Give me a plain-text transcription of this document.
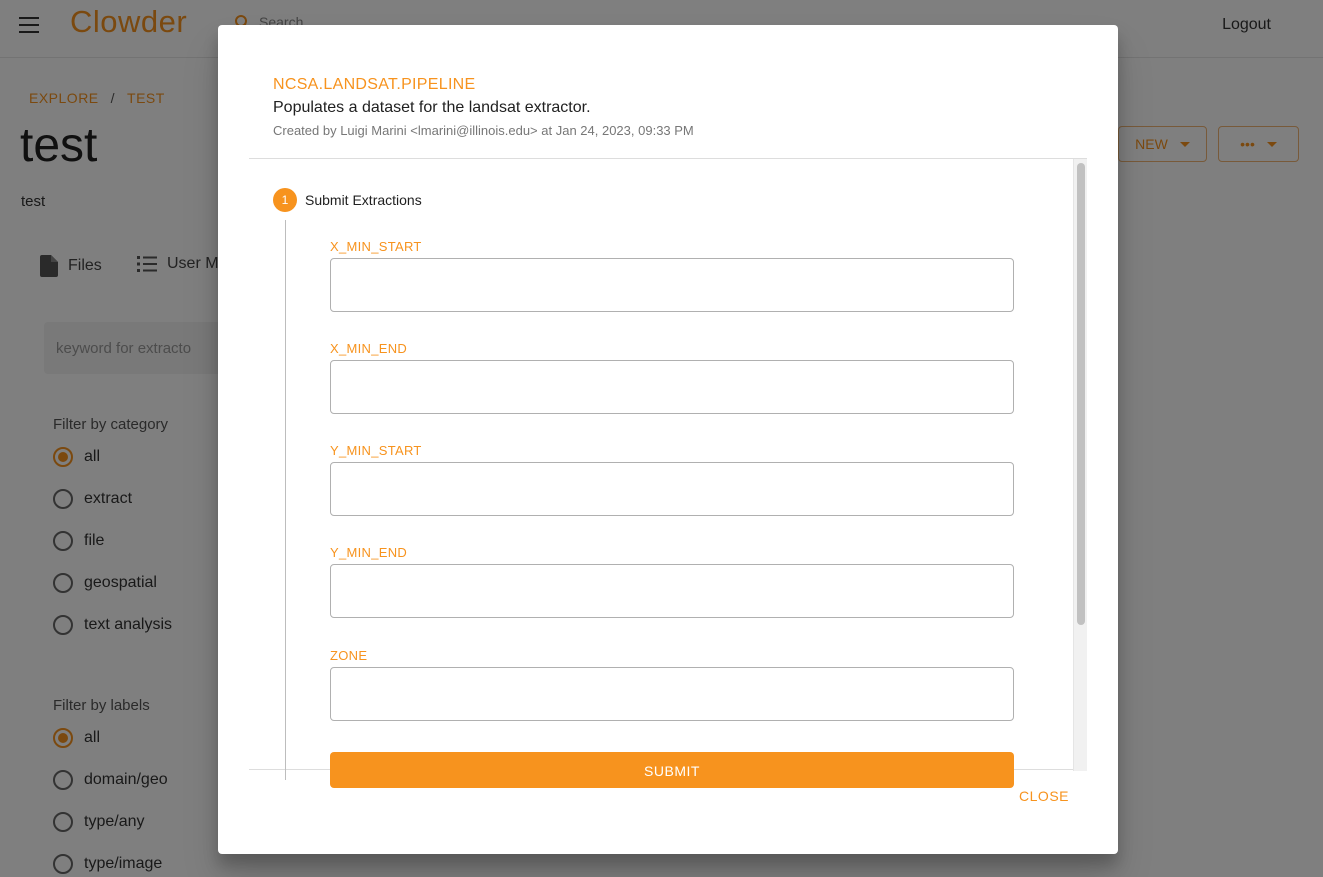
NCSA.LANDSAT.PIPELINE
Populates a dataset for the landsat extractor.
Created by Luigi Marini <lmarini@illinois.edu> at Jan 24, 2023, 09:33 PM
1	Submit Extractions
X_MIN_START
X_MIN_END
Y_MIN_START
Y_MIN_END
ZONE
SUBMIT
CLOSE
